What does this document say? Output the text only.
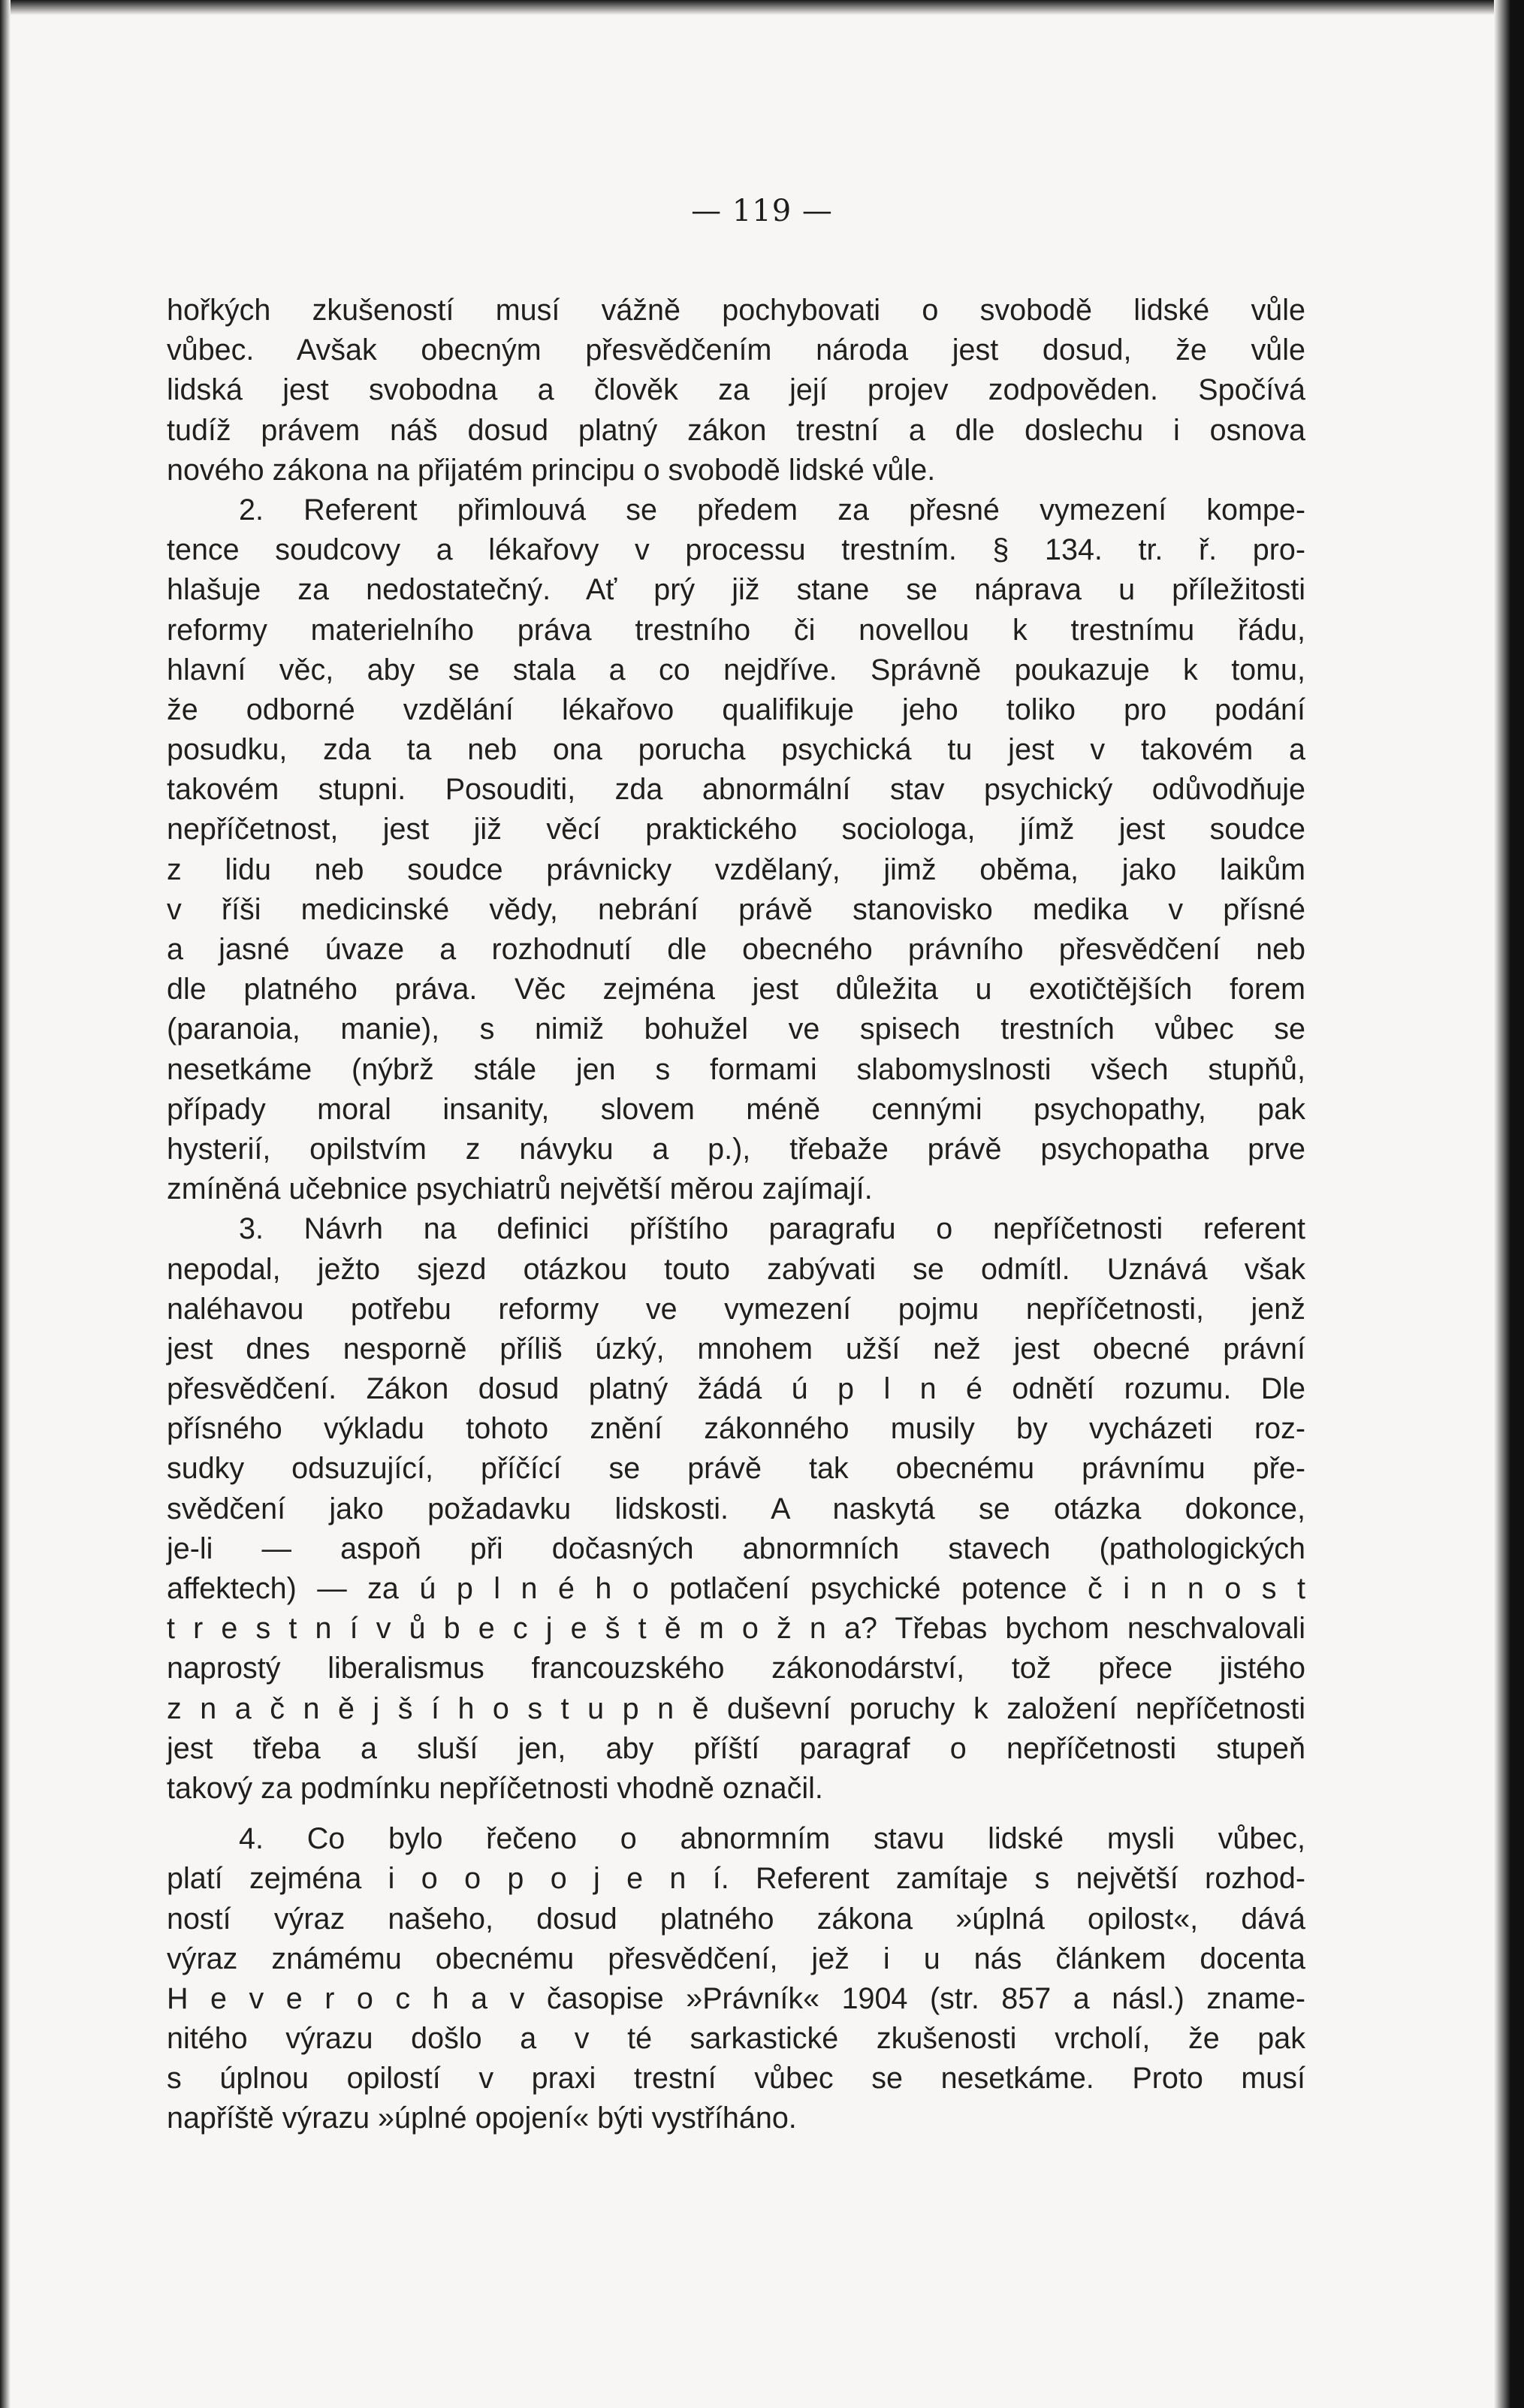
— 119 —
hořkých zkušeností musí vážně pochybovati o svobodě lidské vůle
vůbec. Avšak obecným přesvědčením národa jest dosud, že vůle
lidská jest svobodna a člověk za její projev zodpověden. Spočívá
tudíž právem náš dosud platný zákon trestní a dle doslechu i osnova
nového zákona na přijatém principu o svobodě lidské vůle.
2. Referent přimlouvá se předem za přesné vymezení kompe-
tence soudcovy a lékařovy v processu trestním. § 134. tr. ř. pro-
hlašuje za nedostatečný. Ať prý již stane se náprava u příležitosti
reformy materielního práva trestního či novellou k trestnímu řádu,
hlavní věc, aby se stala a co nejdříve. Správně poukazuje k tomu,
že odborné vzdělání lékařovo qualifikuje jeho toliko pro podání
posudku, zda ta neb ona porucha psychická tu jest v takovém a
takovém stupni. Posouditi, zda abnormální stav psychický odůvodňuje
nepříčetnost, jest již věcí praktického sociologa, jímž jest soudce
z lidu neb soudce právnicky vzdělaný, jimž oběma, jako laikům
v říši medicinské vědy, nebrání právě stanovisko medika v přísné
a jasné úvaze a rozhodnutí dle obecného právního přesvědčení neb
dle platného práva. Věc zejména jest důležita u exotičtějších forem
(paranoia, manie), s nimiž bohužel ve spisech trestních vůbec se
nesetkáme (nýbrž stále jen s formami slabomyslnosti všech stupňů,
případy moral insanity, slovem méně cennými psychopathy, pak
hysterií, opilstvím z návyku a p.), třebaže právě psychopatha prve
zmíněná učebnice psychiatrů největší měrou zajímají.
3. Návrh na definici příštího paragrafu o nepříčetnosti referent
nepodal, ježto sjezd otázkou touto zabývati se odmítl. Uznává však
naléhavou potřebu reformy ve vymezení pojmu nepříčetnosti, jenž
jest dnes nesporně příliš úzký, mnohem užší než jest obecné právní
přesvědčení. Zákon dosud platný žádá ú p l n é odnětí rozumu. Dle
přísného výkladu tohoto znění zákonného musily by vycházeti roz-
sudky odsuzující, příčící se právě tak obecnému právnímu pře-
svědčení jako požadavku lidskosti. A naskytá se otázka dokonce,
je-li — aspoň při dočasných abnormních stavech (pathologických
affektech) — za ú p l n é h o potlačení psychické potence č i n n o s t
t r e s t n í v ů b e c j e š t ě m o ž n a? Třebas bychom neschvalovali
naprostý liberalismus francouzského zákonodárství, tož přece jistého
z n a č n ě j š í h o s t u p n ě duševní poruchy k založení nepříčetnosti
jest třeba a sluší jen, aby příští paragraf o nepříčetnosti stupeň
takový za podmínku nepříčetnosti vhodně označil.
4. Co bylo řečeno o abnormním stavu lidské mysli vůbec,
platí zejména i o o p o j e n í. Referent zamítaje s největší rozhod-
ností výraz našeho, dosud platného zákona »úplná opilost«, dává
výraz známému obecnému přesvědčení, jež i u nás článkem docenta
H e v e r o c h a v časopise »Právník« 1904 (str. 857 a násl.) zname-
nitého výrazu došlo a v té sarkastické zkušenosti vrcholí, že pak
s úplnou opilostí v praxi trestní vůbec se nesetkáme. Proto musí
napříště výrazu »úplné opojení« býti vystříháno.
